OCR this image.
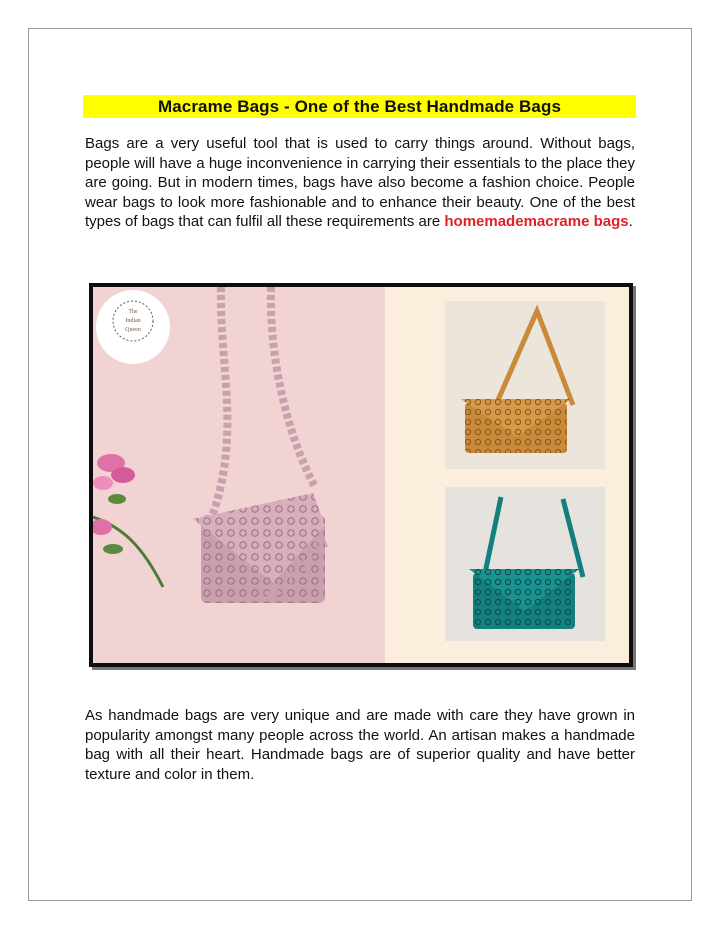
Macrame Bags - One of the Best Handmade Bags

Bags are a very useful tool that is used to carry things around. Without bags, people will have a huge inconvenience in carrying their essentials to the place they are going. But in modern times, bags have also become a fashion choice. People wear bags to look more fashionable and to enhance their beauty. One of the best types of bags that can fulfil all these requirements are homemademacrame bags.

The
Indian
Queen

As handmade bags are very unique and are made with care they have grown in popularity amongst many people across the world. An artisan makes a handmade bag with all their heart. Handmade bags are of superior quality and have better texture and color in them.
